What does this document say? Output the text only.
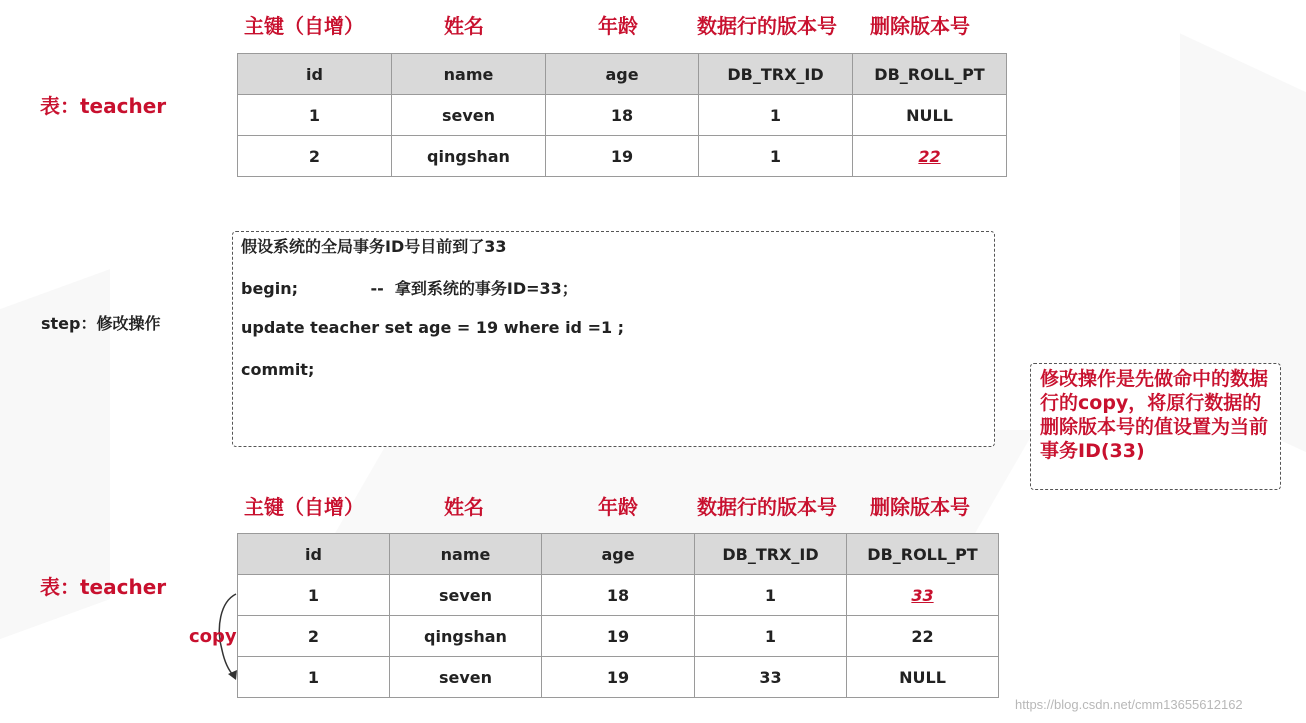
主键（自增）	姓名	年龄	数据行的版本号 删除版本号
表：teacher
id	name	age	DB_TRX_ID	DB_ROLL_PT
1	seven	18	1	NULL
2	qingshan	19	1	22
step：修改操作
假设系统的全局事务ID号目前到了33
begin;             --  拿到系统的事务ID=33；
update teacher set age = 19 where id =1 ;
commit;	修改操作是先做命中的数据行的copy，将原行数据的删除版本号的值设置为当前事务ID(33)
主键（自增）	姓名	年龄	数据行的版本号 删除版本号
表：teacher
id	name	age	DB_TRX_ID	DB_ROLL_PT
1	seven	18	1	33
2	qingshan	19	1	22
1	seven	19	33	NULL
copy
https://blog.csdn.net/cmm13655612162
